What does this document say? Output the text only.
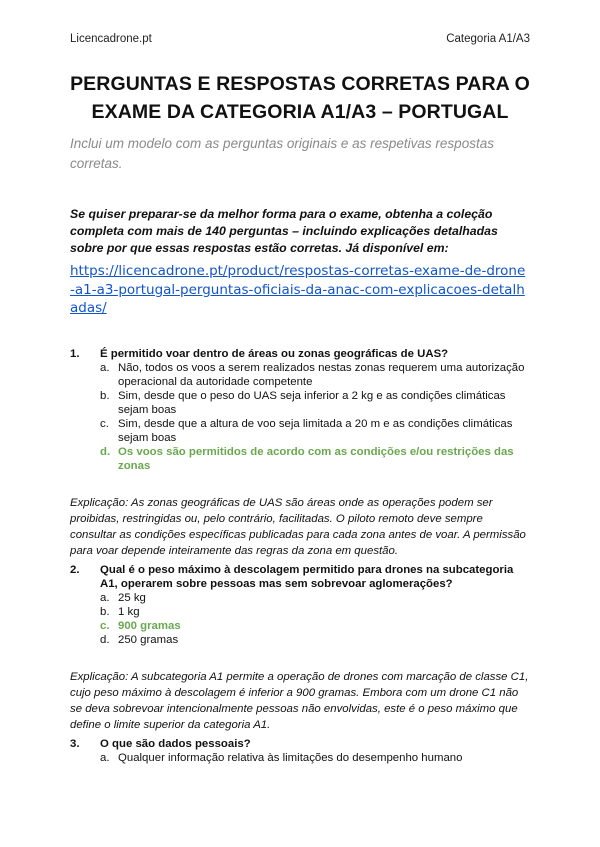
Licencadrone.pt	Categoria A1/A3
PERGUNTAS E RESPOSTAS CORRETAS PARA O EXAME DA CATEGORIA A1/A3 – PORTUGAL
Inclui um modelo com as perguntas originais e as respetivas respostas corretas.
Se quiser preparar-se da melhor forma para o exame, obtenha a coleção completa com mais de 140 perguntas – incluindo explicações detalhadas sobre por que essas respostas estão corretas. Já disponível em:
https://licencadrone.pt/product/respostas-corretas-exame-de-drone-a1-a3-portugal-perguntas-oficiais-da-anac-com-explicacoes-detalhadas/
1.	É permitido voar dentro de áreas ou zonas geográficas de UAS?
a. Não, todos os voos a serem realizados nestas zonas requerem uma autorização operacional da autoridade competente
b. Sim, desde que o peso do UAS seja inferior a 2 kg e as condições climáticas sejam boas
c. Sim, desde que a altura de voo seja limitada a 20 m e as condições climáticas sejam boas
d. Os voos são permitidos de acordo com as condições e/ou restrições das zonas
Explicação: As zonas geográficas de UAS são áreas onde as operações podem ser proibidas, restringidas ou, pelo contrário, facilitadas. O piloto remoto deve sempre consultar as condições específicas publicadas para cada zona antes de voar. A permissão para voar depende inteiramente das regras da zona em questão.
2.	Qual é o peso máximo à descolagem permitido para drones na subcategoria A1, operarem sobre pessoas mas sem sobrevoar aglomerações?
a. 25 kg
b. 1 kg
c. 900 gramas
d. 250 gramas
Explicação: A subcategoria A1 permite a operação de drones com marcação de classe C1, cujo peso máximo à descolagem é inferior a 900 gramas. Embora com um drone C1 não se deva sobrevoar intencionalmente pessoas não envolvidas, este é o peso máximo que define o limite superior da categoria A1.
3.	O que são dados pessoais?
a. Qualquer informação relativa às limitações do desempenho humano
